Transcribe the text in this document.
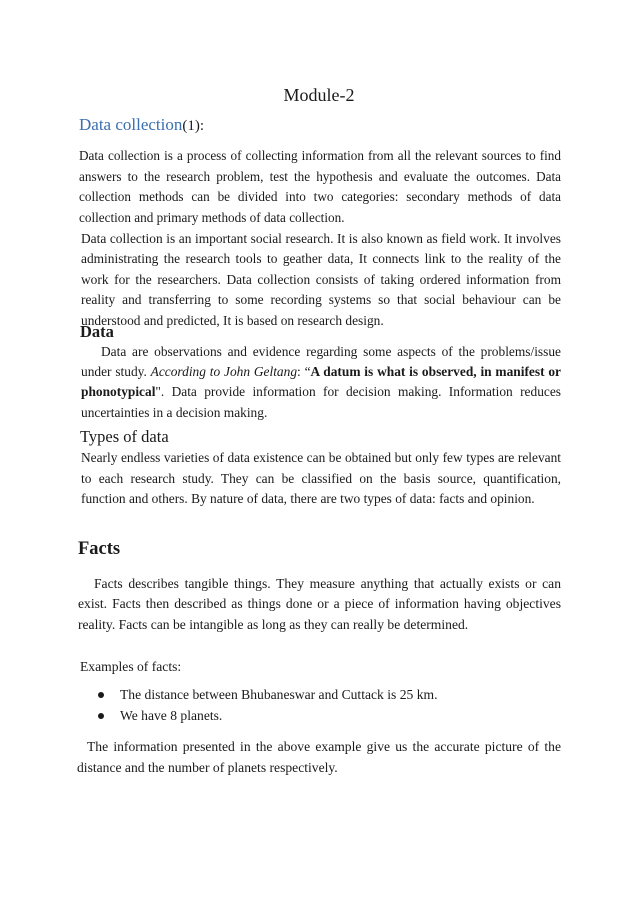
Module-2
Data collection(1):
Data collection is a process of collecting information from all the relevant sources to find answers to the research problem, test the hypothesis and evaluate the outcomes. Data collection methods can be divided into two categories: secondary methods of data collection and primary methods of data collection.
Data collection is an important social research. It is also known as field work. It involves administrating the research tools to geather data, It connects link to the reality of the work for the researchers. Data collection consists of taking ordered information from reality and transferring to some recording systems so that social behaviour can be understood and predicted, It is based on research design.
Data
Data are observations and evidence regarding some aspects of the problems/issue under study. According to John Geltang: “A datum is what is observed, in manifest or phonotypical". Data provide information for decision making. Information reduces uncertainties in a decision making.
Types of data
Nearly endless varieties of data existence can be obtained but only few types are relevant to each research study. They can be classified on the basis source, quantification, function and others. By nature of data, there are two types of data: facts and opinion.
Facts
Facts describes tangible things. They measure anything that actually exists or can exist. Facts then described as things done or a piece of information having objectives reality. Facts can be intangible as long as they can really be determined.
Examples of facts:
The distance between Bhubaneswar and Cuttack is 25 km.
We have 8 planets.
The information presented in the above example give us the accurate picture of the distance and the number of planets respectively.
